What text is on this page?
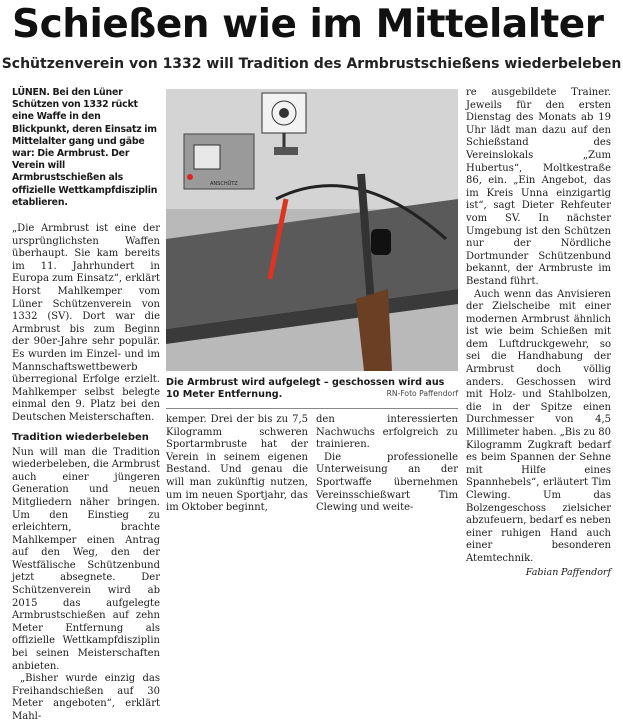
Schießen wie im Mittelalter
Schützenverein von 1332 will Tradition des Armbrustschießens wiederbeleben

LÜNEN. Bei den Lüner Schützen von 1332 rückt eine Waffe in den Blickpunkt, deren Einsatz im Mittelalter gang und gäbe war: Die Armbrust. Der Verein will Armbrustschießen als offizielle Wettkampfdisziplin etablieren.

„Die Armbrust ist eine der ursprünglichsten Waffen überhaupt. Sie kam bereits im 11. Jahrhundert in Europa zum Einsatz“, erklärt Horst Mahlkemper vom Lüner Schützenverein von 1332 (SV). Dort war die Armbrust bis zum Beginn der 90er-Jahre sehr populär. Es wurden im Einzel- und im Mannschaftswettbewerb überregional Erfolge erzielt. Mahlkemper selbst belegte einmal den 9. Platz bei den Deutschen Meisterschaften.

Tradition wiederbeleben

Nun will man die Tradition wiederbeleben, die Armbrust auch einer jüngeren Generation und neuen Mitgliedern näher bringen. Um den Einstieg zu erleichtern, brachte Mahlkemper einen Antrag auf den Weg, den der Westfälische Schützenbund jetzt absegnete. Der Schützenverein wird ab 2015 das aufgelegte Armbrustschießen auf zehn Meter Entfernung als offizielle Wettkampfdisziplin bei seinen Meisterschaften anbieten.

„Bisher wurde einzig das Freihandschießen auf 30 Meter angeboten“, erklärt Mahl-

ANSCHÜTZ
Die Armbrust wird aufgelegt – geschossen wird aus 10 Meter Entfernung.	RN-Foto Paffendorf

kemper. Drei der bis zu 7,5 Kilogramm schweren Sportarmbruste hat der Verein in seinem eigenen Bestand. Und genau die will man zukünftig nutzen, um im neuen Sportjahr, das im Oktober beginnt,

den interessierten Nachwuchs erfolgreich zu trainieren.

Die professionelle Unterweisung an der Sportwaffe übernehmen Vereinsschießwart Tim Clewing und weite-

re ausgebildete Trainer. Jeweils für den ersten Dienstag des Monats ab 19 Uhr lädt man dazu auf den Schießstand des Vereinslokals „Zum Hubertus“, Moltkestraße 86, ein. „Ein Angebot, das im Kreis Unna einzigartig ist“, sagt Dieter Rehfeuter vom SV. In nächster Umgebung ist den Schützen nur der Nördliche Dortmunder Schützenbund bekannt, der Armbruste im Bestand führt.

Auch wenn das Anvisieren der Zielscheibe mit einer modernen Armbrust ähnlich ist wie beim Schießen mit dem Luftdruckgewehr, so sei die Handhabung der Armbrust doch völlig anders. Geschossen wird mit Holz- und Stahlbolzen, die in der Spitze einen Durchmesser von 4,5 Millimeter haben. „Bis zu 80 Kilogramm Zugkraft bedarf es beim Spannen der Sehne mit Hilfe eines Spannhebels“, erläutert Tim Clewing. Um das Bolzengeschoss zielsicher abzufeuern, bedarf es neben einer ruhigen Hand auch einer besonderen Atemtechnik.

Fabian Paffendorf
